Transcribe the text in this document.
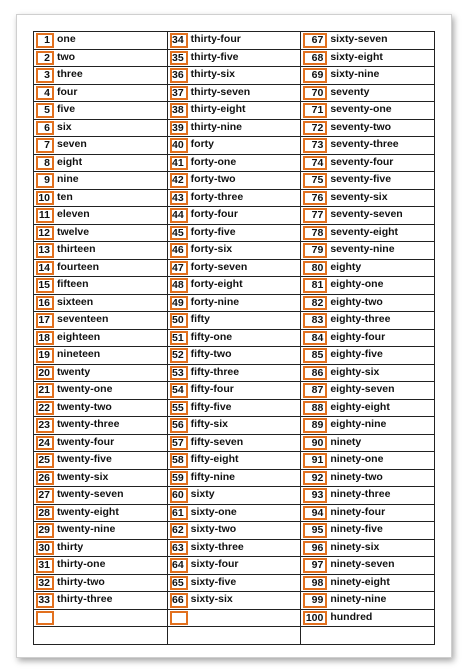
1 one
2 two
3 three
4 four
5 five
6 six
7 seven
8 eight
9 nine
10 ten
11 eleven
12 twelve
13 thirteen
14 fourteen
15 fifteen
16 sixteen
17 seventeen
18 eighteen
19 nineteen
20 twenty
21 twenty-one
22 twenty-two
23 twenty-three
24 twenty-four
25 twenty-five
26 twenty-six
27 twenty-seven
28 twenty-eight
29 twenty-nine
30 thirty
31 thirty-one
32 thirty-two
33 thirty-three
34 thirty-four
35 thirty-five
36 thirty-six
37 thirty-seven
38 thirty-eight
39 thirty-nine
40 forty
41 forty-one
42 forty-two
43 forty-three
44 forty-four
45 forty-five
46 forty-six
47 forty-seven
48 forty-eight
49 forty-nine
50 fifty
51 fifty-one
52 fifty-two
53 fifty-three
54 fifty-four
55 fifty-five
56 fifty-six
57 fifty-seven
58 fifty-eight
59 fifty-nine
60 sixty
61 sixty-one
62 sixty-two
63 sixty-three
64 sixty-four
65 sixty-five
66 sixty-six
67 sixty-seven
68 sixty-eight
69 sixty-nine
70 seventy
71 seventy-one
72 seventy-two
73 seventy-three
74 seventy-four
75 seventy-five
76 seventy-six
77 seventy-seven
78 seventy-eight
79 seventy-nine
80 eighty
81 eighty-one
82 eighty-two
83 eighty-three
84 eighty-four
85 eighty-five
86 eighty-six
87 eighty-seven
88 eighty-eight
89 eighty-nine
90 ninety
91 ninety-one
92 ninety-two
93 ninety-three
94 ninety-four
95 ninety-five
96 ninety-six
97 ninety-seven
98 ninety-eight
99 ninety-nine
100 hundred
